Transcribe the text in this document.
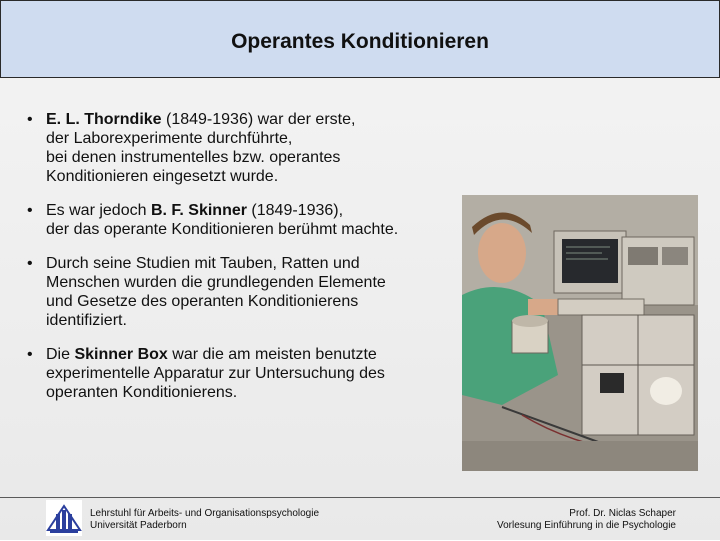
Operantes Konditionieren
• E. L. Thorndike (1849-1936) war der erste,
der Laborexperimente durchführte,
bei denen instrumentelles bzw. operantes
Konditionieren eingesetzt wurde.
• Es war jedoch B. F. Skinner (1849-1936),
der das operante Konditionieren berühmt machte.
• Durch seine Studien mit Tauben, Ratten und
Menschen wurden die grundlegenden Elemente
und Gesetze des operanten Konditionierens
identifiziert.
• Die Skinner Box war die am meisten benutzte
experimentelle Apparatur zur Untersuchung des
operanten Konditionierens.
Lehrstuhl für Arbeits- und Organisationspsychologie
Universität Paderborn
Prof. Dr. Niclas Schaper
Vorlesung Einführung in die Psychologie
